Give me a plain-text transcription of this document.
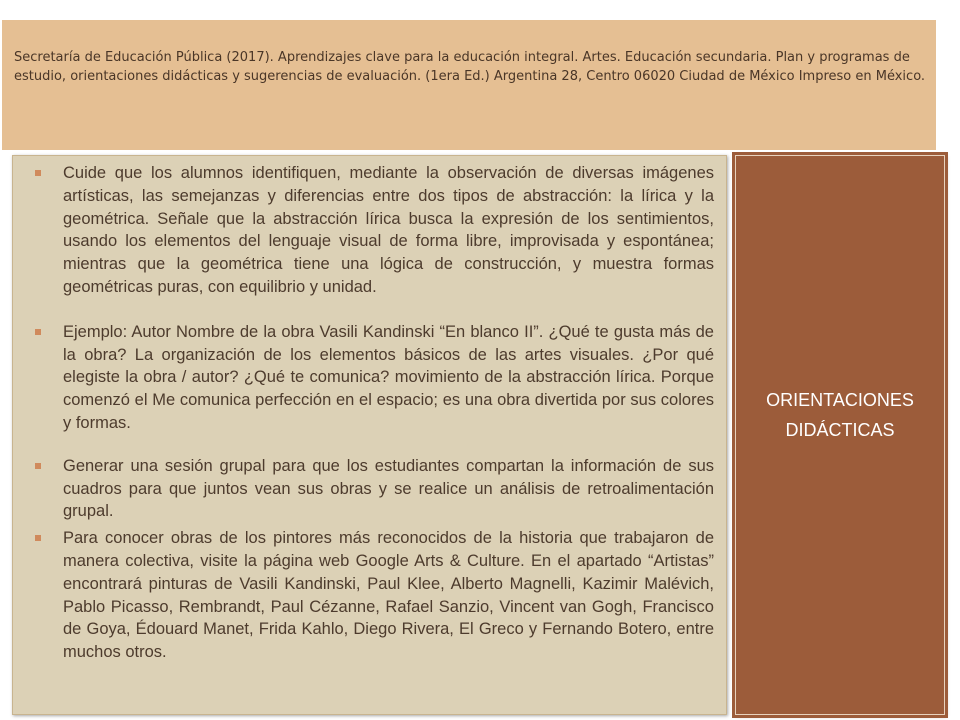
Secretaría de Educación Pública (2017). Aprendizajes clave para la educación integral. Artes. Educación secundaria. Plan y programas de estudio, orientaciones didácticas y sugerencias de evaluación. (1era Ed.) Argentina 28, Centro 06020 Ciudad de México Impreso en México.

Cuide que los alumnos identifiquen, mediante la observación de diversas imágenes artísticas, las semejanzas y diferencias entre dos tipos de abstracción: la lírica y la geométrica. Señale que la abstracción lírica busca la expresión de los sentimientos, usando los elementos del lenguaje visual de forma libre, improvisada y espontánea; mientras que la geométrica tiene una lógica de construcción, y muestra formas geométricas puras, con equilibrio y unidad.
Ejemplo: Autor Nombre de la obra Vasili Kandinski “En blanco II”. ¿Qué te gusta más de la obra? La organización de los elementos básicos de las artes visuales. ¿Por qué elegiste la obra / autor? ¿Qué te comunica? movimiento de la abstracción lírica. Porque comenzó el Me comunica perfección en el espacio; es una obra divertida por sus colores y formas.
Generar una sesión grupal para que los estudiantes compartan la información de sus cuadros para que juntos vean sus obras y se realice un análisis de retroalimentación grupal.
Para conocer obras de los pintores más reconocidos de la historia que trabajaron de manera colectiva, visite la página web Google Arts & Culture. En el apartado “Artistas” encontrará pinturas de Vasili Kandinski, Paul Klee, Alberto Magnelli, Kazimir Malévich, Pablo Picasso, Rembrandt, Paul Cézanne, Rafael Sanzio, Vincent van Gogh, Francisco de Goya, Édouard Manet, Frida Kahlo, Diego Rivera, El Greco y Fernando Botero, entre muchos otros.
ORIENTACIONES
DIDÁCTICAS
